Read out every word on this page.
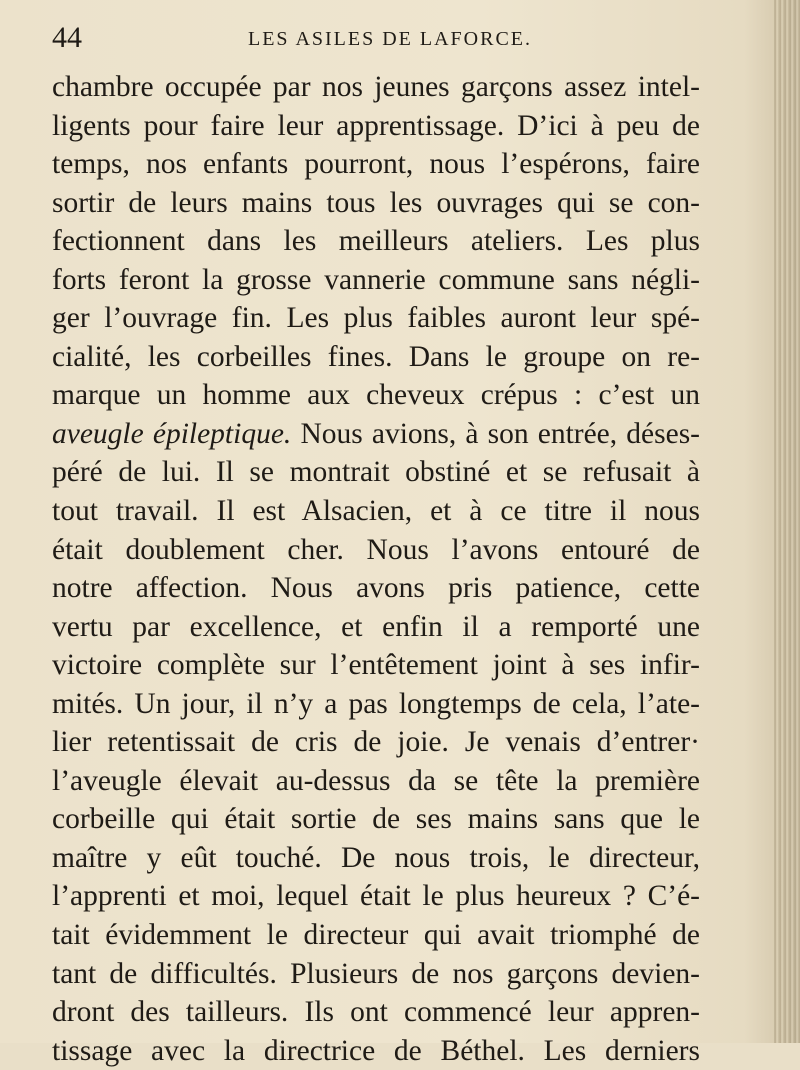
44	LES ASILES DE LAFORCE.
chambre occupée par nos jeunes garçons assez intel-
ligents pour faire leur apprentissage. D’ici à peu de
temps, nos enfants pourront, nous l’espérons, faire
sortir de leurs mains tous les ouvrages qui se con-
fectionnent dans les meilleurs ateliers. Les plus
forts feront la grosse vannerie commune sans négli-
ger l’ouvrage fin. Les plus faibles auront leur spé-
cialité, les corbeilles fines. Dans le groupe on re-
marque un homme aux cheveux crépus : c’est un
aveugle épileptique. Nous avions, à son entrée, déses-
péré de lui. Il se montrait obstiné et se refusait à
tout travail. Il est Alsacien, et à ce titre il nous
était doublement cher. Nous l’avons entouré de
notre affection. Nous avons pris patience, cette
vertu par excellence, et enfin il a remporté une
victoire complète sur l’entêtement joint à ses infir-
mités. Un jour, il n’y a pas longtemps de cela, l’ate-
lier retentissait de cris de joie. Je venais d’entrer·
l’aveugle élevait au-dessus da se tête la première
corbeille qui était sortie de ses mains sans que le
maître y eût touché. De nous trois, le directeur,
l’apprenti et moi, lequel était le plus heureux ? C’é-
tait évidemment le directeur qui avait triomphé de
tant de difficultés. Plusieurs de nos garçons devien-
dront des tailleurs. Ils ont commencé leur appren-
tissage avec la directrice de Béthel. Les derniers
